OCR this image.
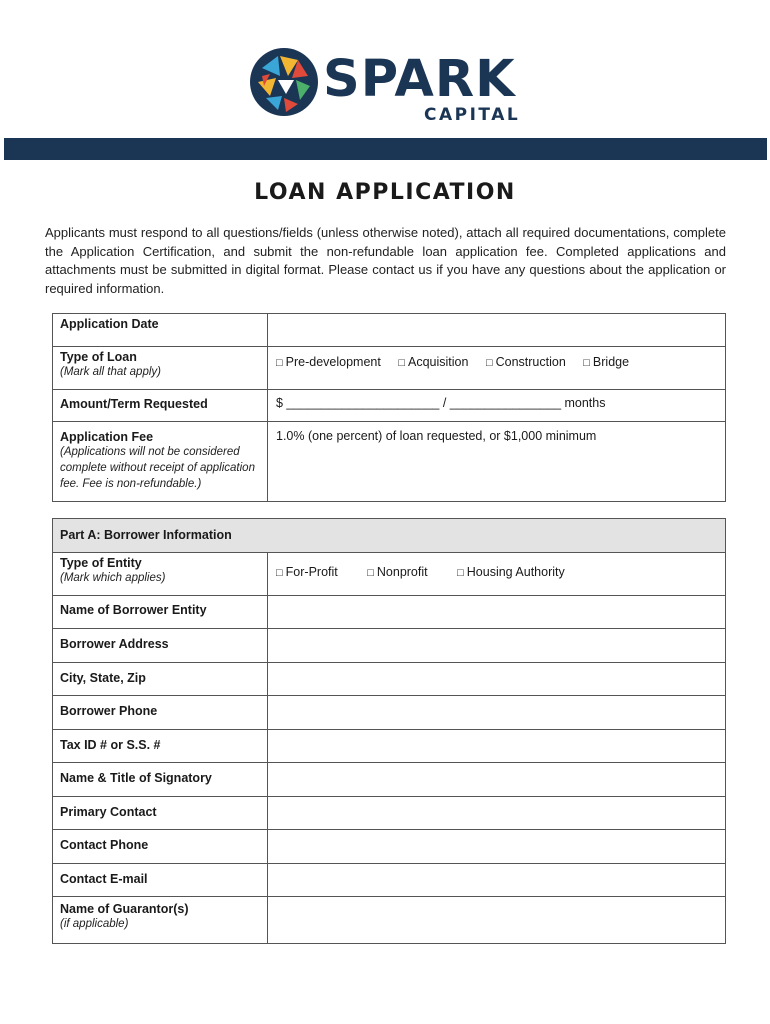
SPARK
CAPITAL
LOAN APPLICATION

Applicants must respond to all questions/fields (unless otherwise noted), attach all required documentations, complete the Application Certification, and submit the non-refundable loan application fee. Completed applications and attachments must be submitted in digital format. Please contact us if you have any questions about the application or required information.

Application Date	

Type of Loan
(Mark all that apply)	□ Pre-development □ Acquisition □ Construction □ Bridge

Amount/Term Requested	$ ______________________ / ________________ months

Application Fee
(Applications will not be considered complete without receipt of application fee. Fee is non-refundable.)	1.0% (one percent) of loan requested, or $1,000 minimum
Part A: Borrower Information	

Type of Entity
(Mark which applies)	□ For-Profit □ Nonprofit □ Housing Authority

Name of Borrower Entity	

Borrower Address	

City, State, Zip	

Borrower Phone	

Tax ID # or S.S. #	

Name & Title of Signatory	

Primary Contact	

Contact Phone	

Contact E-mail	

Name of Guarantor(s)
(if applicable)	
